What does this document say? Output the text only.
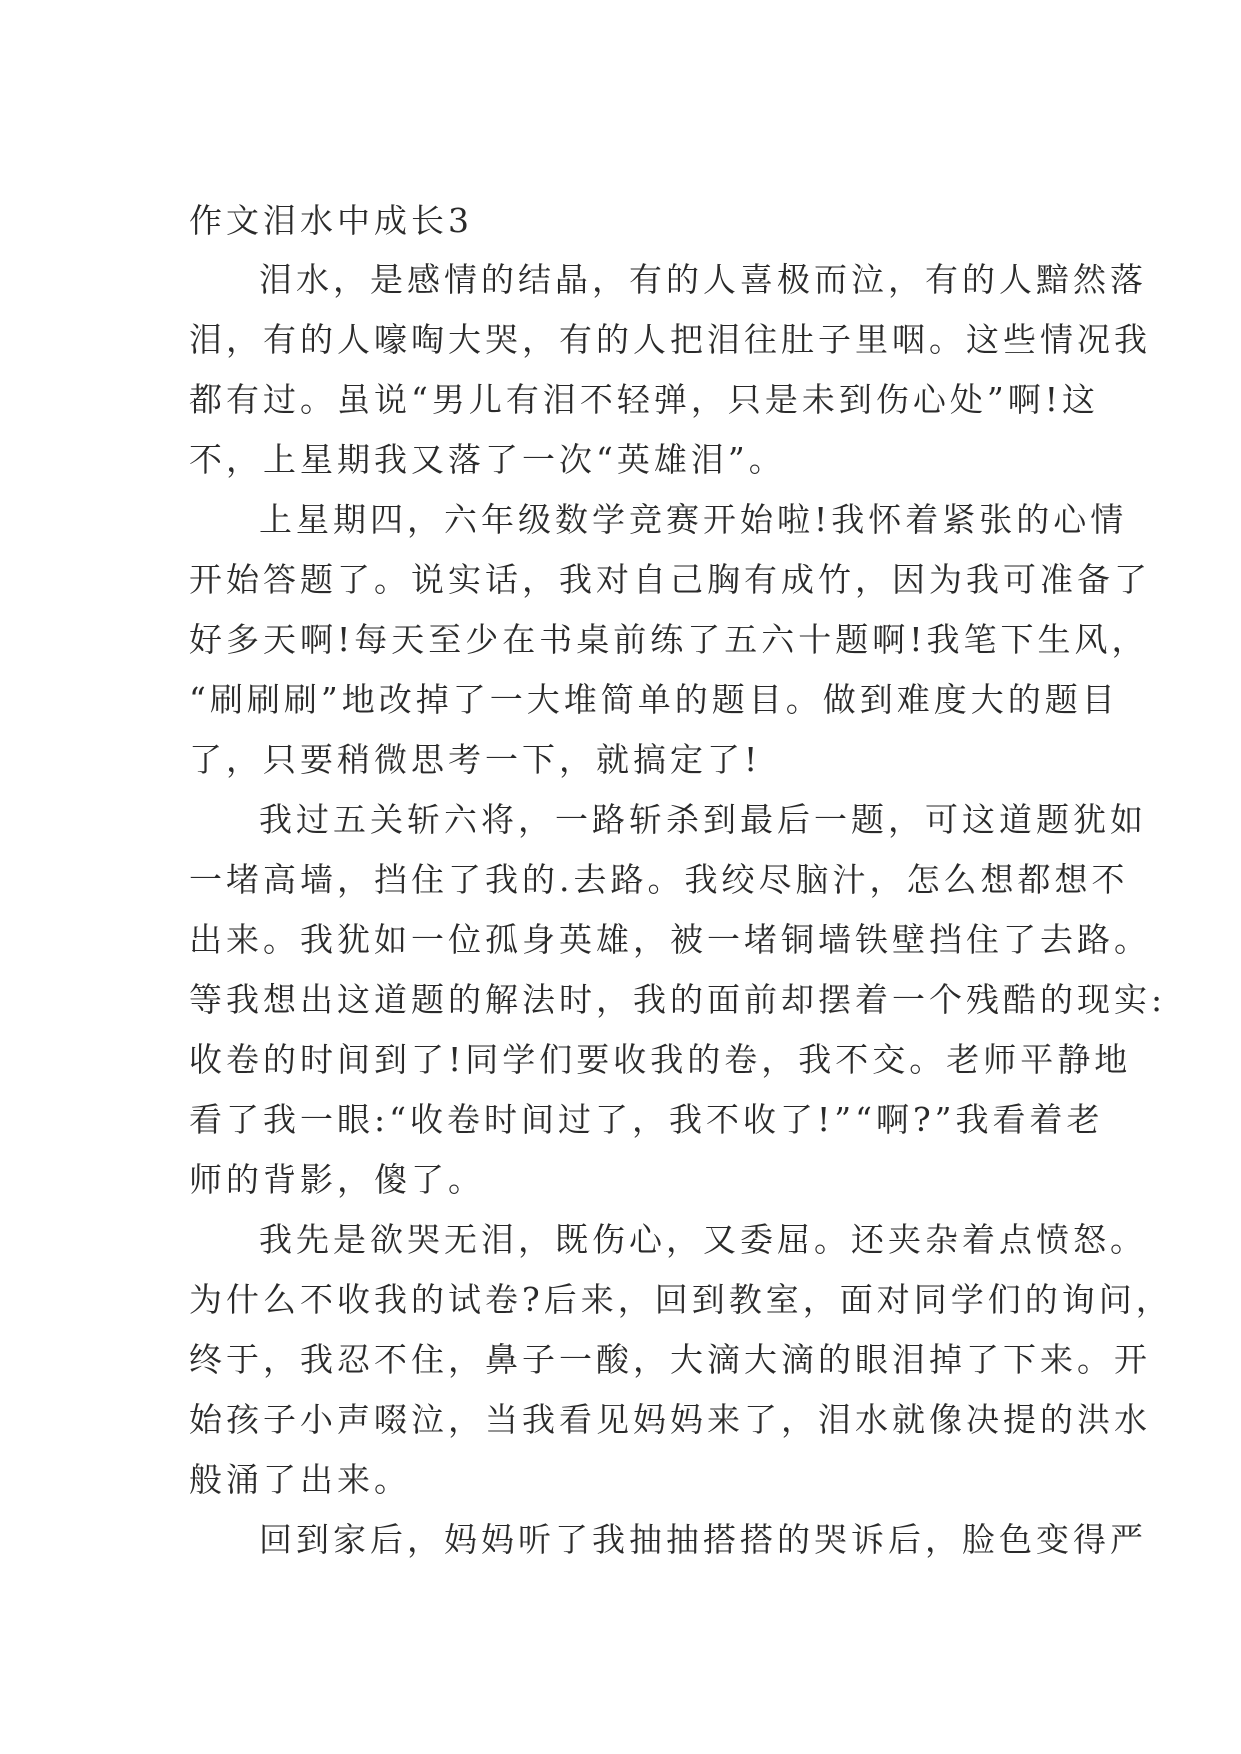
作文泪水中成长3
泪水，是感情的结晶，有的人喜极而泣，有的人黯然落
泪，有的人嚎啕大哭，有的人把泪往肚子里咽。这些情况我
都有过。虽说“男儿有泪不轻弹，只是未到伤心处”啊!这
不，上星期我又落了一次“英雄泪”。
上星期四，六年级数学竞赛开始啦!我怀着紧张的心情
开始答题了。说实话，我对自己胸有成竹，因为我可准备了
好多天啊!每天至少在书桌前练了五六十题啊!我笔下生风，
“刷刷刷”地改掉了一大堆简单的题目。做到难度大的题目
了，只要稍微思考一下，就搞定了!
我过五关斩六将，一路斩杀到最后一题，可这道题犹如
一堵高墙，挡住了我的.去路。我绞尽脑汁，怎么想都想不
出来。我犹如一位孤身英雄，被一堵铜墙铁壁挡住了去路。
等我想出这道题的解法时，我的面前却摆着一个残酷的现实:
收卷的时间到了!同学们要收我的卷，我不交。老师平静地
看了我一眼:“收卷时间过了，我不收了!”“啊?”我看着老
师的背影，傻了。
我先是欲哭无泪，既伤心，又委屈。还夹杂着点愤怒。
为什么不收我的试卷?后来，回到教室，面对同学们的询问，
终于，我忍不住，鼻子一酸，大滴大滴的眼泪掉了下来。开
始孩子小声啜泣，当我看见妈妈来了，泪水就像决提的洪水
般涌了出来。
回到家后，妈妈听了我抽抽搭搭的哭诉后，脸色变得严
